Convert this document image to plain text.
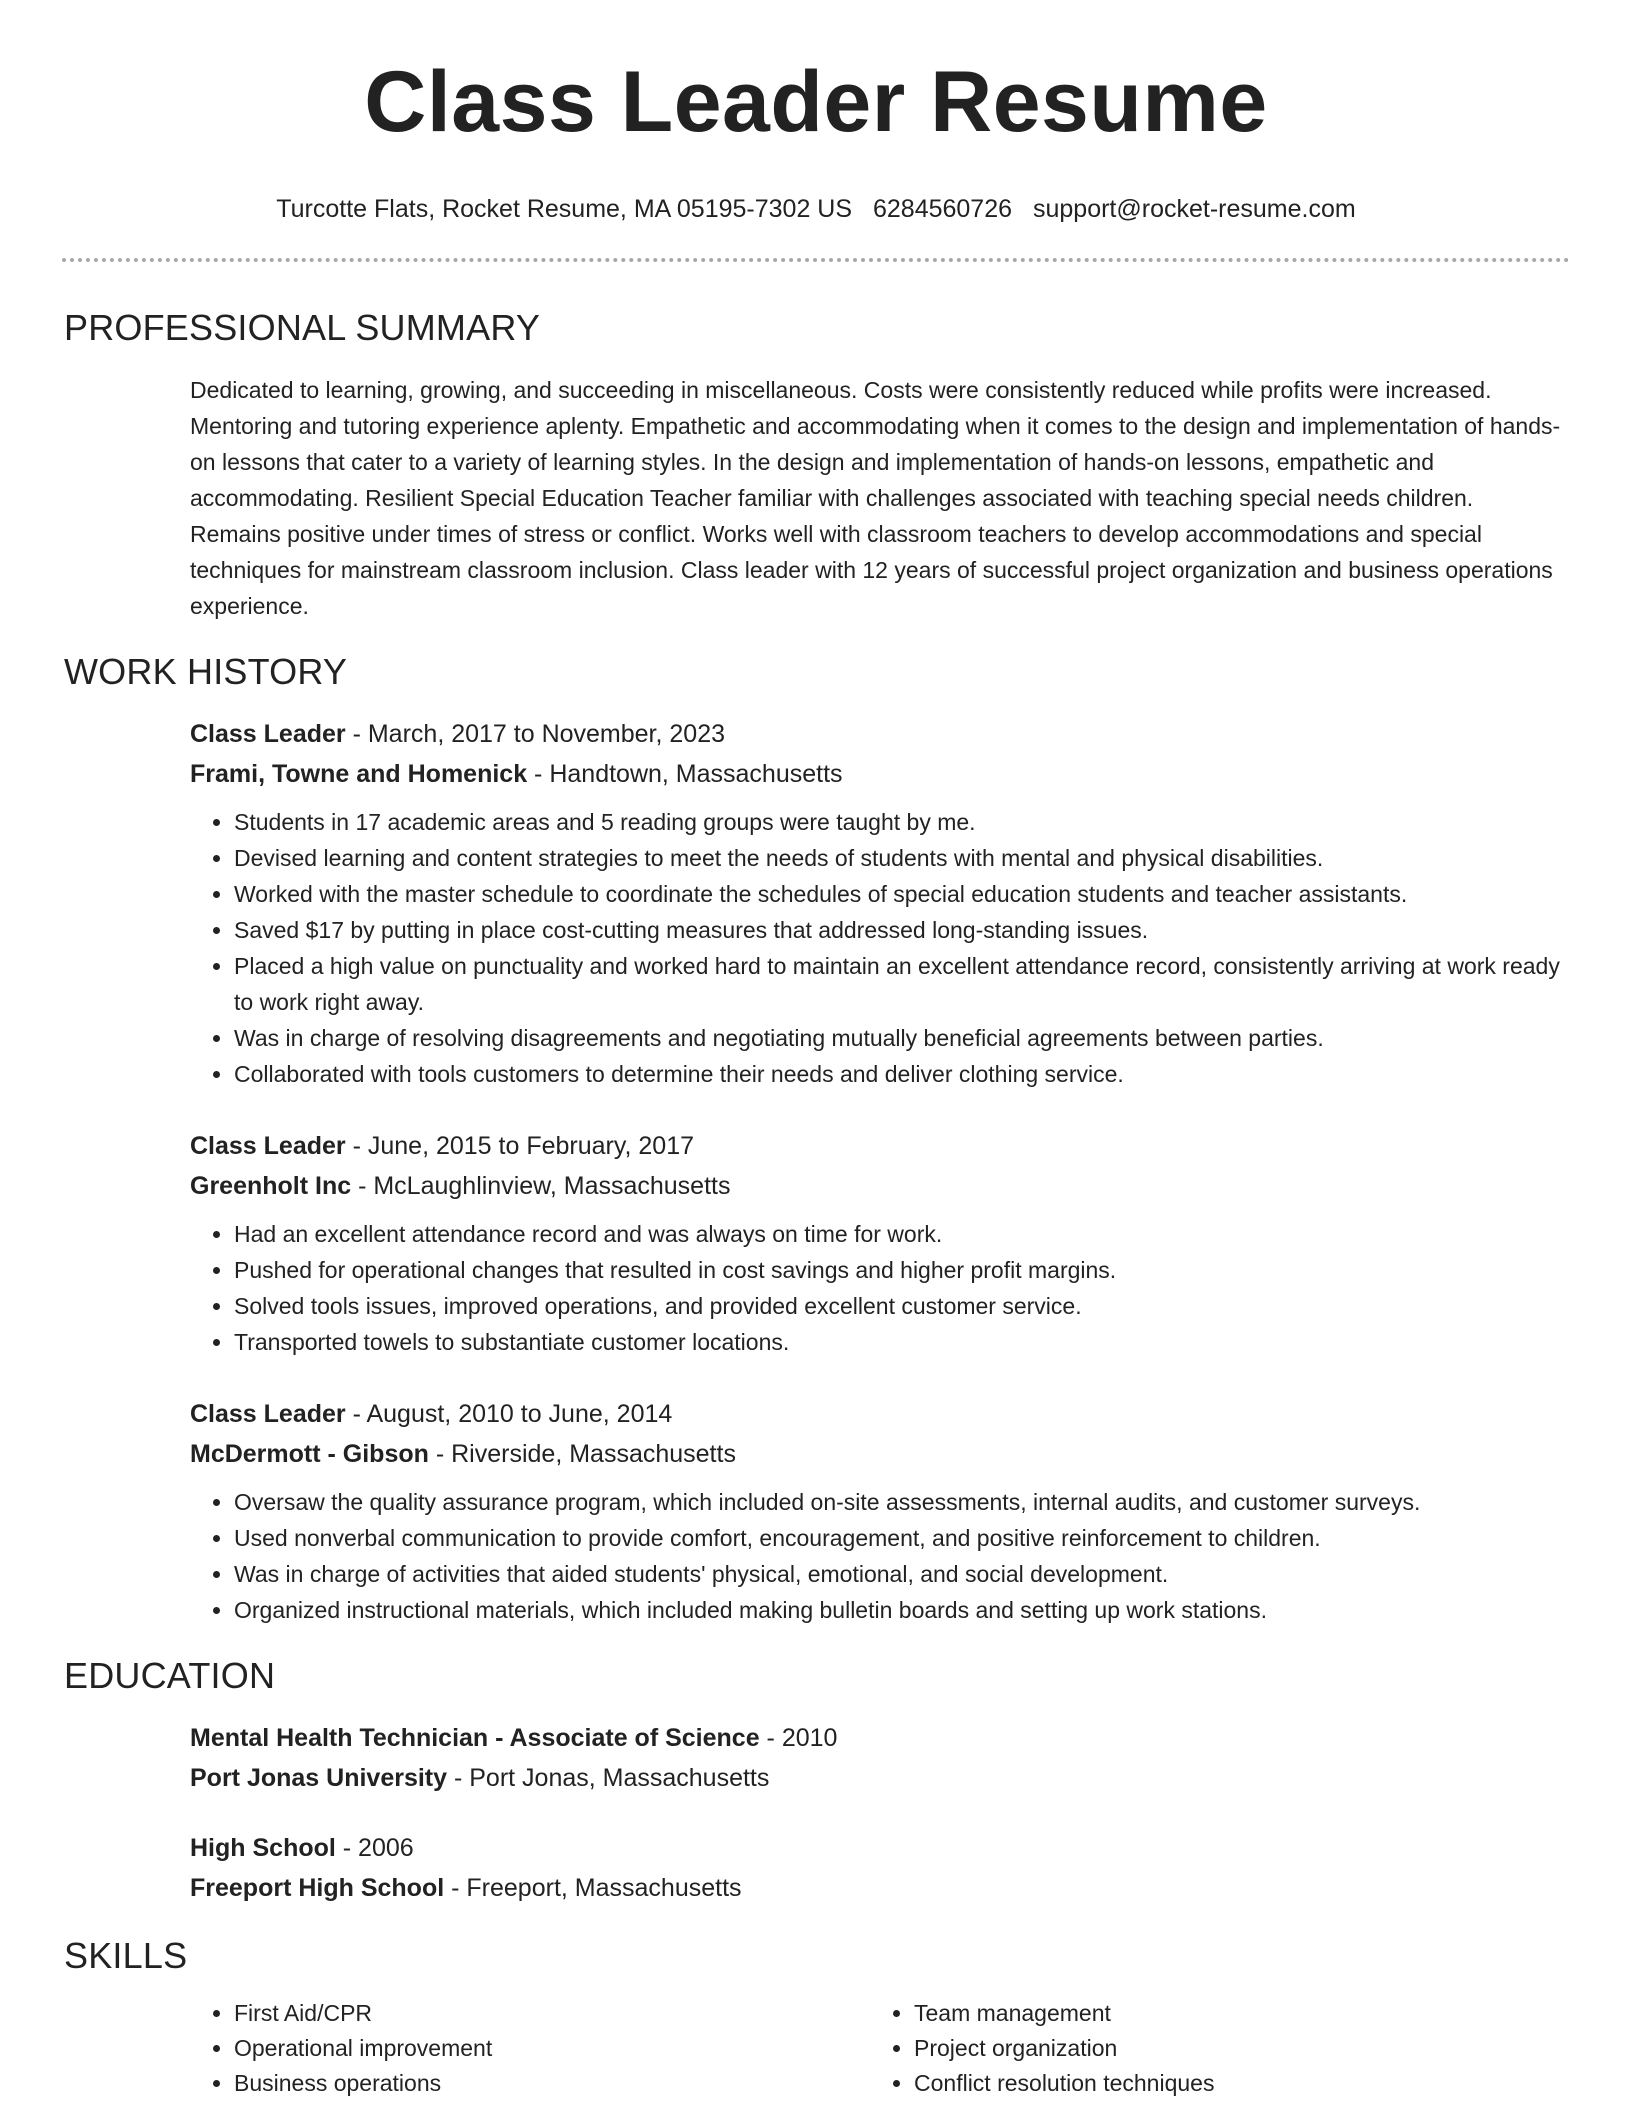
Class Leader Resume
Turcotte Flats, Rocket Resume, MA 05195-7302 US 6284560726 support@rocket-resume.com
PROFESSIONAL SUMMARY

Dedicated to learning, growing, and succeeding in miscellaneous. Costs were consistently reduced while profits were increased. Mentoring and tutoring experience aplenty. Empathetic and accommodating when it comes to the design and implementation of hands-on lessons that cater to a variety of learning styles. In the design and implementation of hands-on lessons, empathetic and accommodating. Resilient Special Education Teacher familiar with challenges associated with teaching special needs children. Remains positive under times of stress or conflict. Works well with classroom teachers to develop accommodations and special techniques for mainstream classroom inclusion. Class leader with 12 years of successful project organization and business operations experience.

WORK HISTORY
Class Leader - March, 2017 to November, 2023
Frami, Towne and Homenick - Handtown, Massachusetts
• Students in 17 academic areas and 5 reading groups were taught by me.
• Devised learning and content strategies to meet the needs of students with mental and physical disabilities.
• Worked with the master schedule to coordinate the schedules of special education students and teacher assistants.
• Saved $17 by putting in place cost-cutting measures that addressed long-standing issues.
• Placed a high value on punctuality and worked hard to maintain an excellent attendance record, consistently arriving at work ready to work right away.
• Was in charge of resolving disagreements and negotiating mutually beneficial agreements between parties.
• Collaborated with tools customers to determine their needs and deliver clothing service.
Class Leader - June, 2015 to February, 2017
Greenholt Inc - McLaughlinview, Massachusetts
• Had an excellent attendance record and was always on time for work.
• Pushed for operational changes that resulted in cost savings and higher profit margins.
• Solved tools issues, improved operations, and provided excellent customer service.
• Transported towels to substantiate customer locations.
Class Leader - August, 2010 to June, 2014
McDermott - Gibson - Riverside, Massachusetts
• Oversaw the quality assurance program, which included on-site assessments, internal audits, and customer surveys.
• Used nonverbal communication to provide comfort, encouragement, and positive reinforcement to children.
• Was in charge of activities that aided students' physical, emotional, and social development.
• Organized instructional materials, which included making bulletin boards and setting up work stations.
EDUCATION
Mental Health Technician - Associate of Science - 2010
Port Jonas University - Port Jonas, Massachusetts
High School - 2006
Freeport High School - Freeport, Massachusetts
SKILLS
• First Aid/CPR
• Operational improvement
• Business operations
• Team management
• Project organization
• Conflict resolution techniques
